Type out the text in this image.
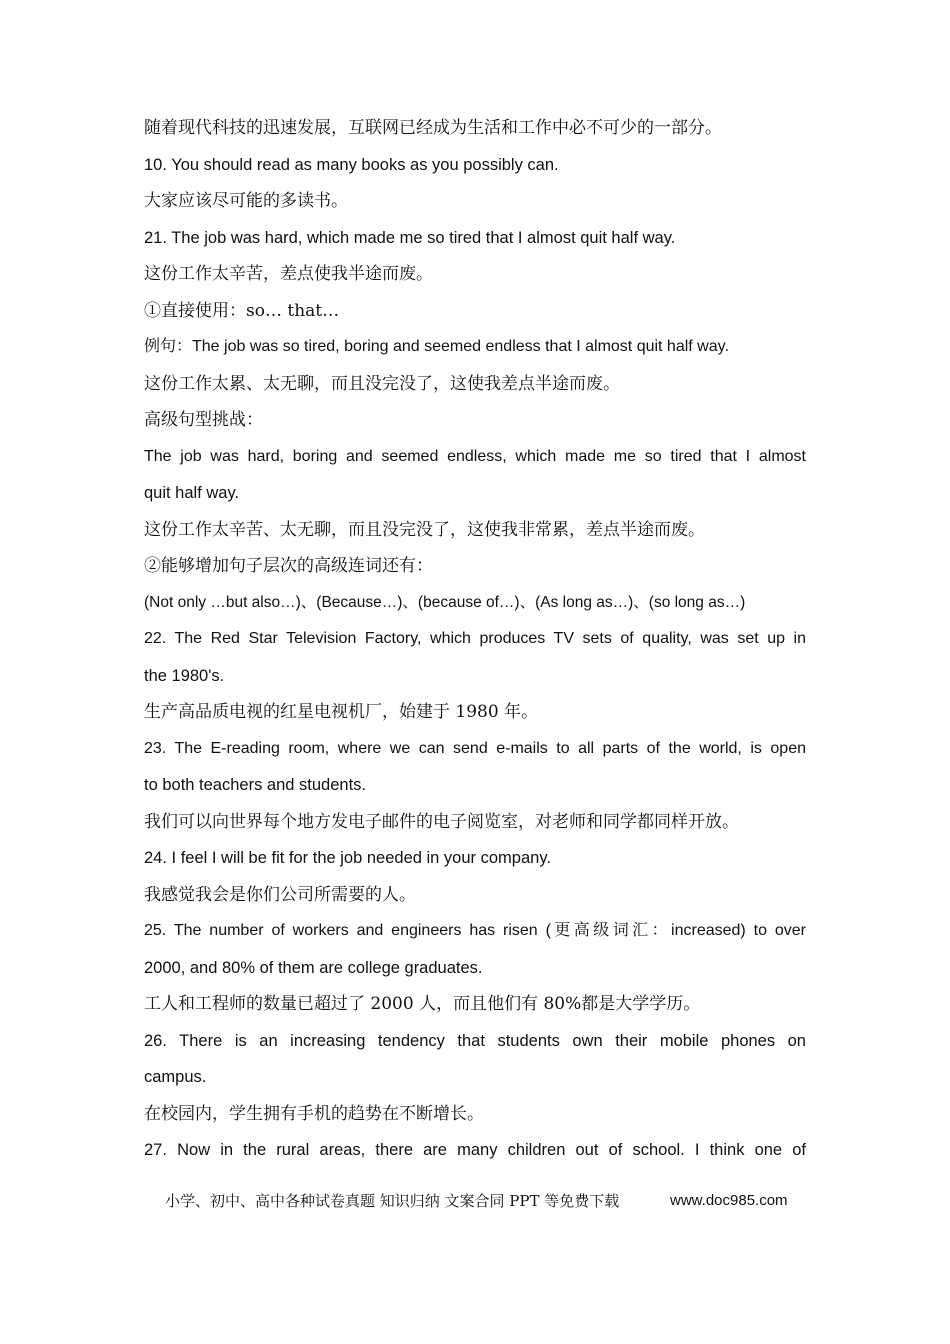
随着现代科技的迅速发展，互联网已经成为生活和工作中必不可少的一部分。
10. You should read as many books as you possibly can.
大家应该尽可能的多读书。
21. The job was hard, which made me so tired that I almost quit half way.
这份工作太辛苦，差点使我半途而废。
①直接使用：so… that…
例句：The job was so tired, boring and seemed endless that I almost quit half way.
这份工作太累、太无聊，而且没完没了，这使我差点半途而废。
高级句型挑战：
The job was hard, boring and seemed endless, which made me so tired that I almost
quit half way.
这份工作太辛苦、太无聊，而且没完没了，这使我非常累，差点半途而废。
②能够增加句子层次的高级连词还有：
(Not only …but also…)、(Because…)、(because of…)、(As long as…)、(so long as…)
22. The Red Star Television Factory, which produces TV sets of quality, was set up in
the 1980's.
生产高品质电视的红星电视机厂，始建于 1980 年。
23. The E-reading room, where we can send e-mails to all parts of the world, is open
to both teachers and students.
我们可以向世界每个地方发电子邮件的电子阅览室，对老师和同学都同样开放。
24. I feel I will be fit for the job needed in your company.
我感觉我会是你们公司所需要的人。
25. The number of workers and engineers has risen (更高级词汇：increased) to over
2000, and 80% of them are college graduates.
工人和工程师的数量已超过了 2000 人，而且他们有 80%都是大学学历。
26. There is an increasing tendency that students own their mobile phones on
campus.
在校园内，学生拥有手机的趋势在不断增长。
27. Now in the rural areas, there are many children out of school. I think one of
小学、初中、高中各种试卷真题 知识归纳 文案合同 PPT 等免费下载	www.doc985.com
